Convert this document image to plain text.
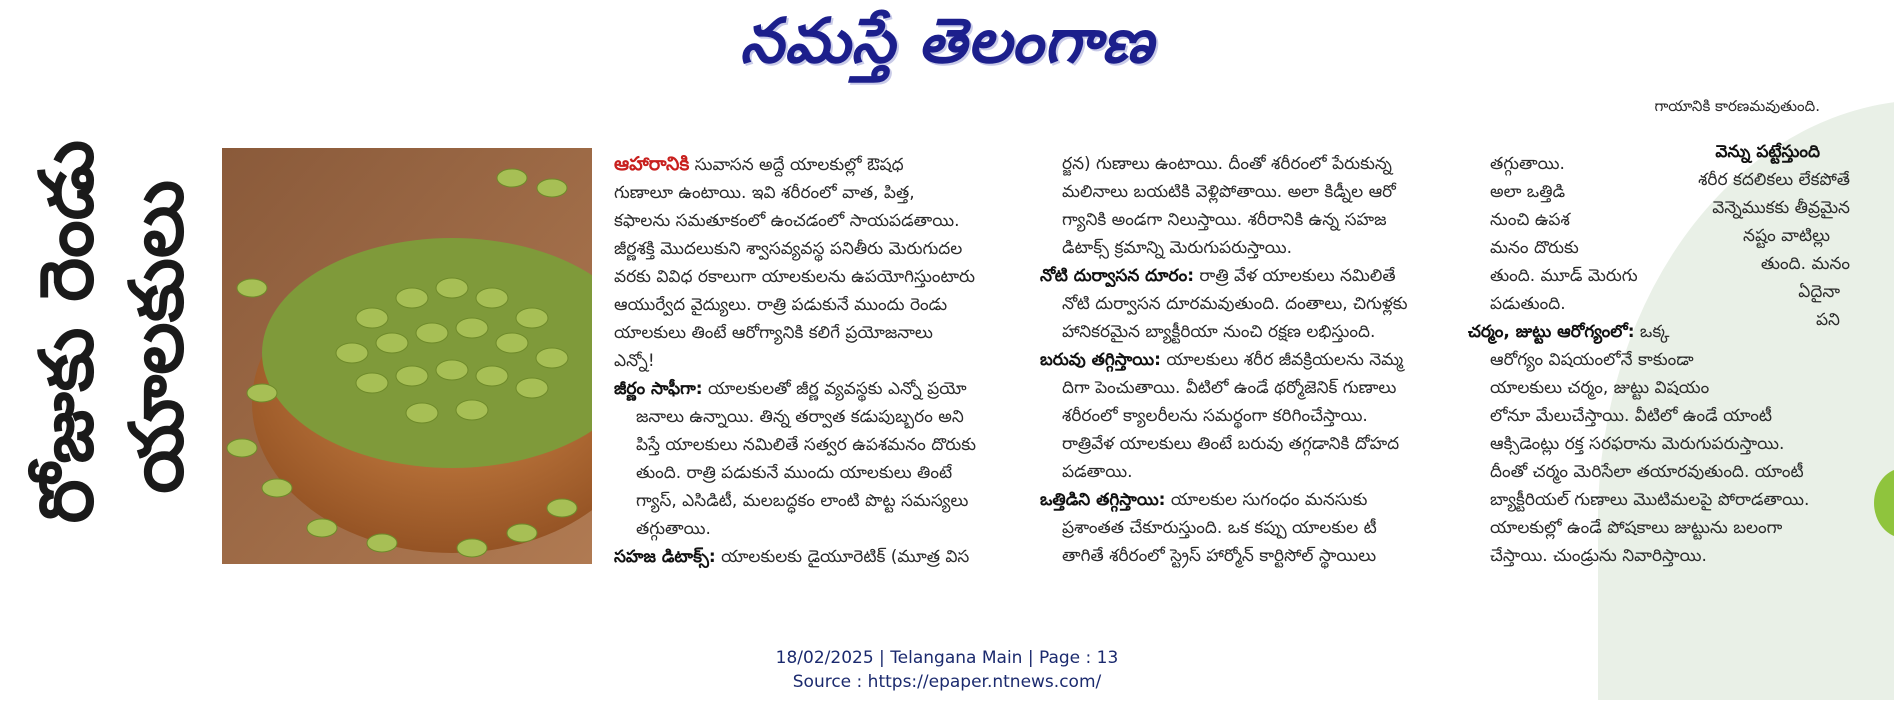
నమస్తే తెలంగాణ
రోజుకు రెండు యాలకులు

ఆహారానికి సువాసన అద్దే యాలకుల్లో ఔషధ

గుణాలూ ఉంటాయి. ఇవి శరీరంలో వాత, పిత్త,

కఫాలను సమతూకంలో ఉంచడంలో సాయపడతాయి.

జీర్ణశక్తి మొదలుకుని శ్వాసవ్యవస్థ పనితీరు మెరుగుదల

వరకు వివిధ రకాలుగా యాలకులను ఉపయోగిస్తుంటారు

ఆయుర్వేద వైద్యులు. రాత్రి పడుకునే ముందు రెండు

యాలకులు తింటే ఆరోగ్యానికి కలిగే ప్రయోజనాలు

ఎన్నో!

జీర్ణం సాఫీగా: యాలకులతో జీర్ణ వ్యవస్థకు ఎన్నో ప్రయో

జనాలు ఉన్నాయి. తిన్న తర్వాత కడుపుబ్బరం అని

పిస్తే యాలకులు నమిలితే సత్వర ఉపశమనం దొరుకు

తుంది. రాత్రి పడుకునే ముందు యాలకులు తింటే

గ్యాస్, ఎసిడిటీ, మలబద్ధకం లాంటి పొట్ట సమస్యలు

తగ్గుతాయి.

సహజ డిటాక్స్: యాలకులకు డైయూరెటిక్ (మూత్ర విస

ర్జన) గుణాలు ఉంటాయి. దీంతో శరీరంలో పేరుకున్న

మలినాలు బయటికి వెళ్లిపోతాయి. అలా కిడ్నీల ఆరో

గ్యానికి అండగా నిలుస్తాయి. శరీరానికి ఉన్న సహజ

డిటాక్స్ క్రమాన్ని మెరుగుపరుస్తాయి.

నోటి దుర్వాసన దూరం: రాత్రి వేళ యాలకులు నమిలితే

నోటి దుర్వాసన దూరమవుతుంది. దంతాలు, చిగుళ్లకు

హానికరమైన బ్యాక్టీరియా నుంచి రక్షణ లభిస్తుంది.

బరువు తగ్గిస్తాయి: యాలకులు శరీర జీవక్రియలను నెమ్మ

దిగా పెంచుతాయి. వీటిలో ఉండే థర్మోజెనిక్ గుణాలు

శరీరంలో క్యాలరీలను సమర్థంగా కరిగించేస్తాయి.

రాత్రివేళ యాలకులు తింటే బరువు తగ్గడానికి దోహద

పడతాయి.

ఒత్తిడిని తగ్గిస్తాయి: యాలకుల సుగంధం మనసుకు

ప్రశాంతత చేకూరుస్తుంది. ఒక కప్పు యాలకుల టీ

తాగితే శరీరంలో స్ట్రెస్ హార్మోన్ కార్టిసోల్ స్థాయిలు

తగ్గుతాయి.

అలా ఒత్తిడి

నుంచి ఉపశ

మనం దొరుకు

తుంది. మూడ్ మెరుగు

పడుతుంది.

చర్మం, జుట్టు ఆరోగ్యంలో: ఒక్క

ఆరోగ్యం విషయంలోనే కాకుండా

యాలకులు చర్మం, జుట్టు విషయం

లోనూ మేలుచేస్తాయి. వీటిలో ఉండే యాంటీ

ఆక్సిడెంట్లు రక్త సరఫరాను మెరుగుపరుస్తాయి.

దీంతో చర్మం మెరిసేలా తయారవుతుంది. యాంటీ

బ్యాక్టీరియల్ గుణాలు మొటిమలపై పోరాడతాయి.

యాలకుల్లో ఉండే పోషకాలు జుట్టును బలంగా

చేస్తాయి. చుండ్రును నివారిస్తాయి.

గాయానికి కారణమవుతుంది.

వెన్ను పట్టేస్తుంది

శరీర కదలికలు లేకపోతే

వెన్నెముకకు తీవ్రమైన

నష్టం వాటిల్లు

తుంది. మనం

ఏదైనా

పని

18/02/2025 | Telangana Main | Page : 13
Source : https://epaper.ntnews.com/
